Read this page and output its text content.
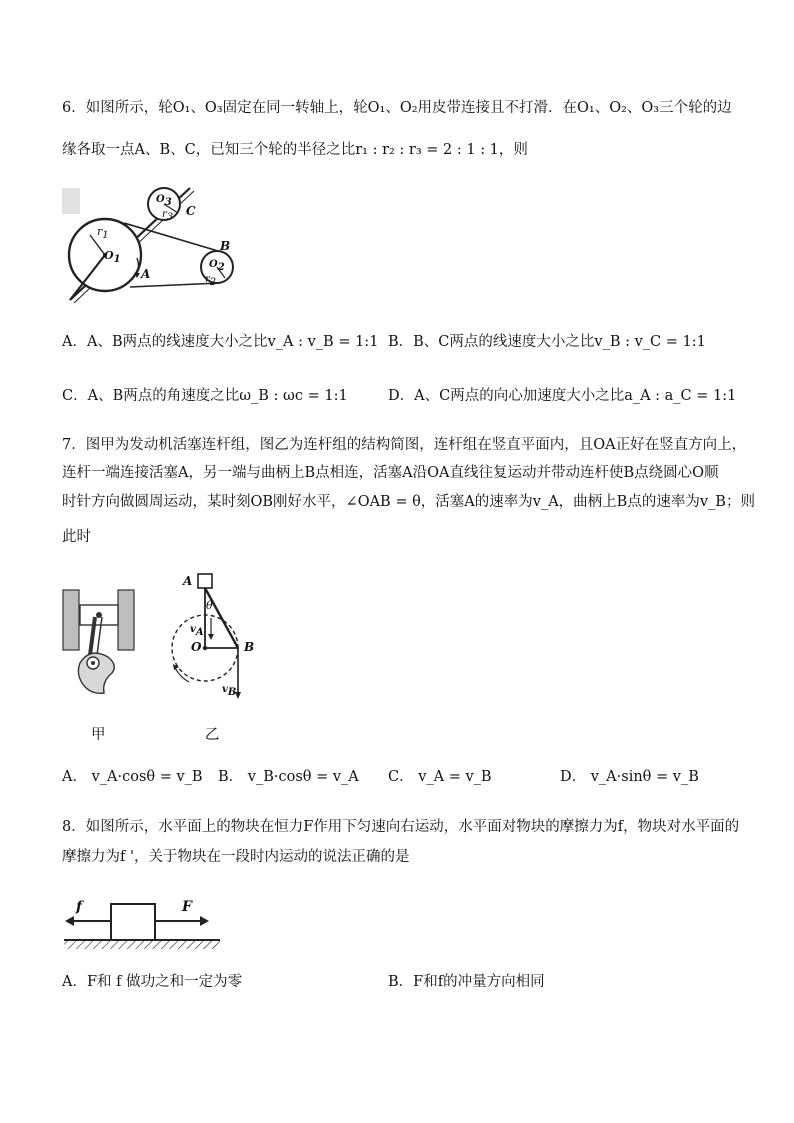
6．如图所示，轮O₁、O₃固定在同一转轴上，轮O₁、O₂用皮带连接且不打滑．在O₁、O₂、O₃三个轮的边
缘各取一点A、B、C，已知三个轮的半径之比r₁ : r₂ : r₃ = 2 : 1 : 1，则
$O_1$
$r_1$
A
$O_3$
$r_3$ C
B
$O_2$
$r_2$
A．A、B两点的线速度大小之比v_A : v_B = 1:1 B．B、C两点的线速度大小之比v_B : v_C = 1:1
C．A、B两点的角速度之比ω_B : ωc = 1:1	D．A、C两点的向心加速度大小之比a_A : a_C = 1:1
7．图甲为发动机活塞连杆组，图乙为连杆组的结构简图，连杆组在竖直平面内，且OA正好在竖直方向上，
连杆一端连接活塞A，另一端与曲柄上B点相连，活塞A沿OA直线往复运动并带动连杆使B点绕圆心O顺
时针方向做圆周运动，某时刻OB刚好水平，∠OAB = θ，活塞A的速率为v_A，曲柄上B点的速率为v_B；则
此时
A
θ
$v_A$
O	B
$v_B$
甲	乙
A． v_A·cosθ = v_B B． v_B·cosθ = v_A C． v_A = v_B	D． v_A·sinθ = v_B
8．如图所示，水平面上的物块在恒力F作用下匀速向右运动，水平面对物块的摩擦力为f，物块对水平面的
摩擦力为f '，关于物块在一段时内运动的说法正确的是
f	F
A．F和 f 做功之和一定为零	B．F和f的冲量方向相同
